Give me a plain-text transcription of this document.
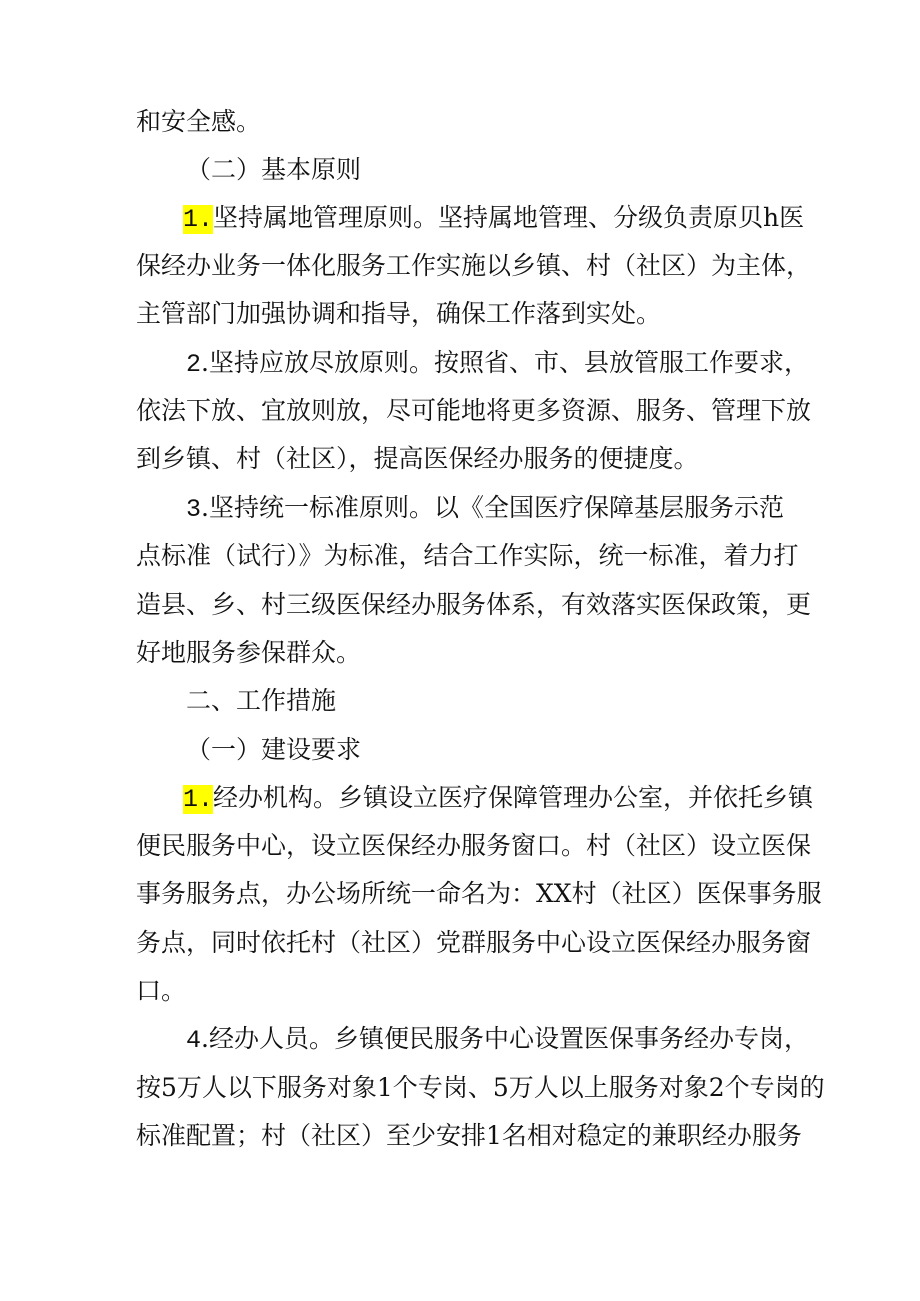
和安全感。
（二）基本原则
1.坚持属地管理原则。坚持属地管理、分级负责原贝h医
保经办业务一体化服务工作实施以乡镇、村（社区）为主体，
主管部门加强协调和指导，确保工作落到实处。
2.坚持应放尽放原则。按照省、市、县放管服工作要求，
依法下放、宜放则放，尽可能地将更多资源、服务、管理下放
到乡镇、村（社区），提高医保经办服务的便捷度。
3.坚持统一标准原则。以《全国医疗保障基层服务示范
点标准（试行）》为标准，结合工作实际，统一标准，着力打
造县、乡、村三级医保经办服务体系，有效落实医保政策，更
好地服务参保群众。
二、工作措施
（一）建设要求
1.经办机构。乡镇设立医疗保障管理办公室，并依托乡镇
便民服务中心，设立医保经办服务窗口。村（社区）设立医保
事务服务点，办公场所统一命名为：XX村（社区）医保事务服
务点，同时依托村（社区）党群服务中心设立医保经办服务窗
口。
4.经办人员。乡镇便民服务中心设置医保事务经办专岗，
按5万人以下服务对象1个专岗、5万人以上服务对象2个专岗的
标准配置；村（社区）至少安排1名相对稳定的兼职经办服务
